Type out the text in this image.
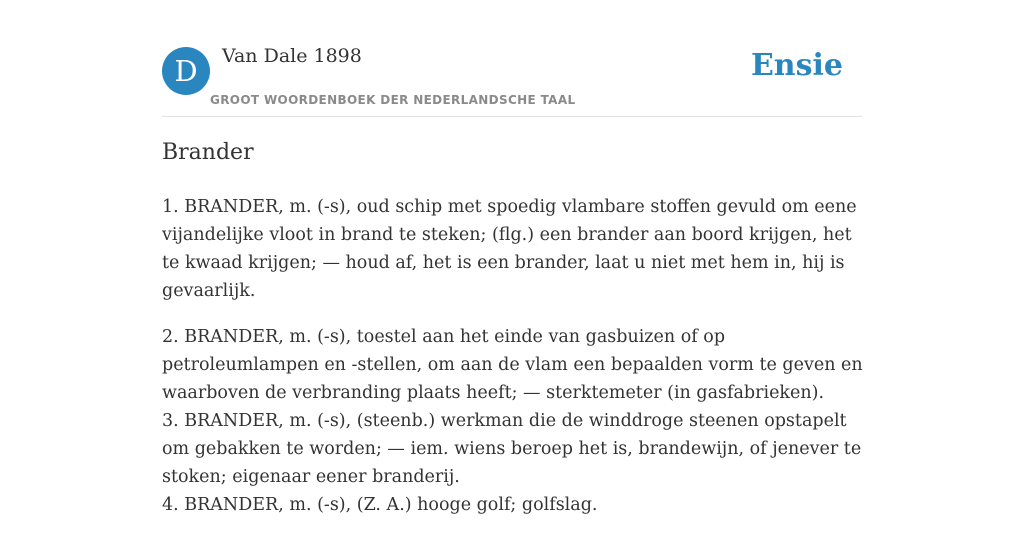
D	Van Dale 1898
GROOT WOORDENBOEK DER NEDERLANDSCHE TAAL
Ensie
Brander

1. BRANDER, m. (-s), oud schip met spoedig vlambare stoffen gevuld om eene vijandelijke vloot in brand te steken; (flg.) een brander aan boord krijgen, het te kwaad krijgen; — houd af, het is een brander, laat u niet met hem in, hij is gevaarlijk.

2. BRANDER, m. (-s), toestel aan het einde van gasbuizen of op petroleumlampen en -stellen, om aan de vlam een bepaalden vorm te geven en waarboven de verbranding plaats heeft; — sterktemeter (in gasfabrieken).
3. BRANDER, m. (-s), (steenb.) werkman die de winddroge steenen opstapelt om gebakken te worden; — iem. wiens beroep het is, brandewijn, of jenever te stoken; eigenaar eener branderij.
4. BRANDER, m. (-s), (Z. A.) hooge golf; golfslag.
